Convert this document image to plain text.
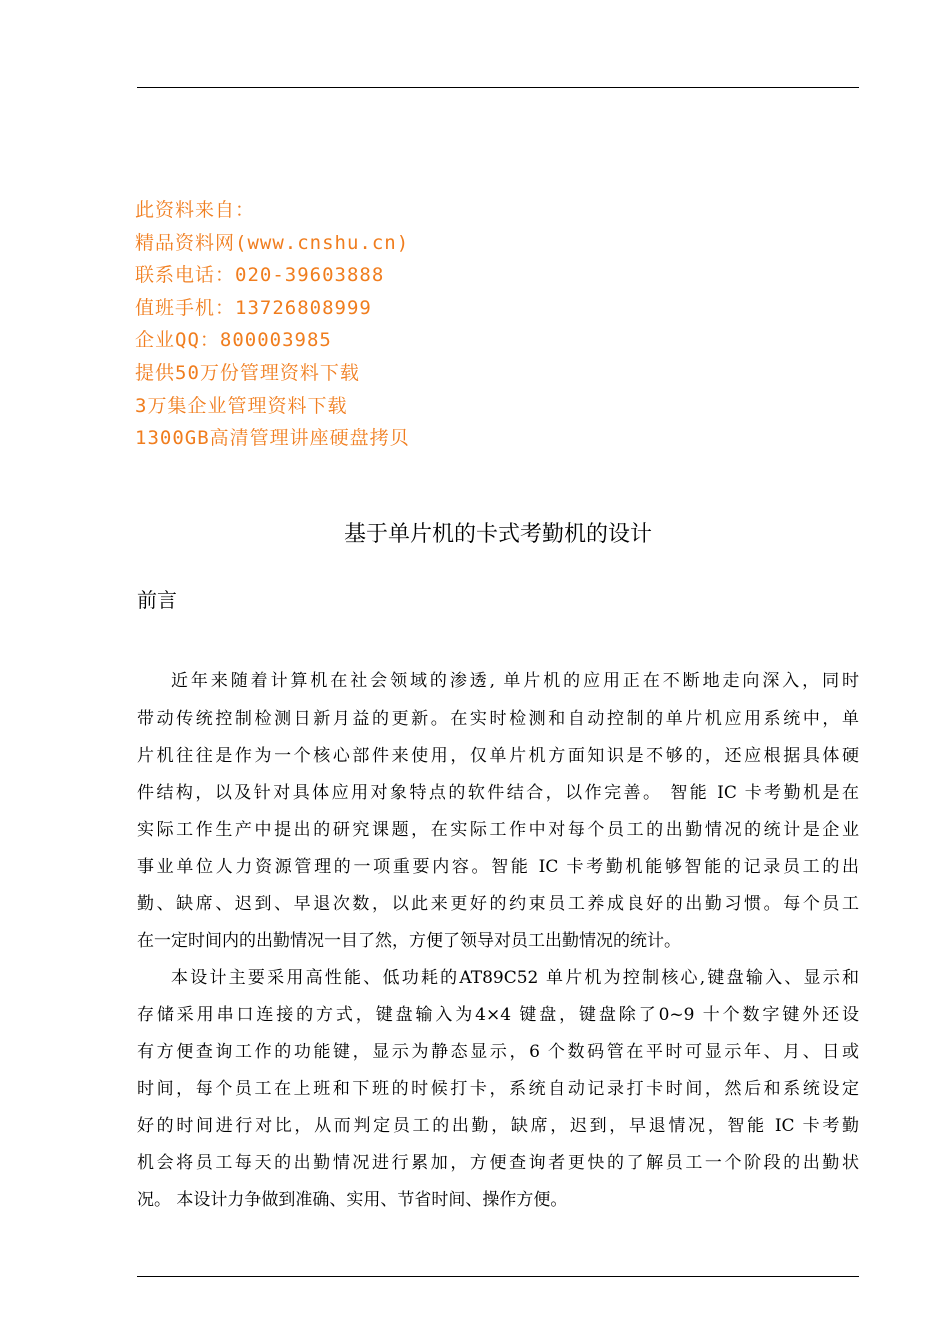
此资料来自：
精品资料网(www.cnshu.cn)
联系电话：020-39603888
值班手机：13726808999
企业QQ：800003985
提供50万份管理资料下载
3万集企业管理资料下载
1300GB高清管理讲座硬盘拷贝
基于单片机的卡式考勤机的设计
前言
近年来随着计算机在社会领域的渗透, 单片机的应用正在不断地走向深入，同时
带动传统控制检测日新月益的更新。在实时检测和自动控制的单片机应用系统中，单
片机往往是作为一个核心部件来使用，仅单片机方面知识是不够的，还应根据具体硬
件结构，以及针对具体应用对象特点的软件结合，以作完善。 智能 IC 卡考勤机是在
实际工作生产中提出的研究课题，在实际工作中对每个员工的出勤情况的统计是企业
事业单位人力资源管理的一项重要内容。智能 IC 卡考勤机能够智能的记录员工的出
勤、缺席、迟到、早退次数，以此来更好的约束员工养成良好的出勤习惯。每个员工
在一定时间内的出勤情况一目了然，方便了领导对员工出勤情况的统计。
本设计主要采用高性能、低功耗的AT89C52 单片机为控制核心,键盘输入、显示和
存储采用串口连接的方式，键盘输入为4×4 键盘，键盘除了0~9 十个数字键外还设
有方便查询工作的功能键，显示为静态显示，6 个数码管在平时可显示年、月、日或
时间，每个员工在上班和下班的时候打卡，系统自动记录打卡时间，然后和系统设定
好的时间进行对比，从而判定员工的出勤，缺席，迟到，早退情况，智能 IC 卡考勤
机会将员工每天的出勤情况进行累加，方便查询者更快的了解员工一个阶段的出勤状
况。 本设计力争做到准确、实用、节省时间、操作方便。
